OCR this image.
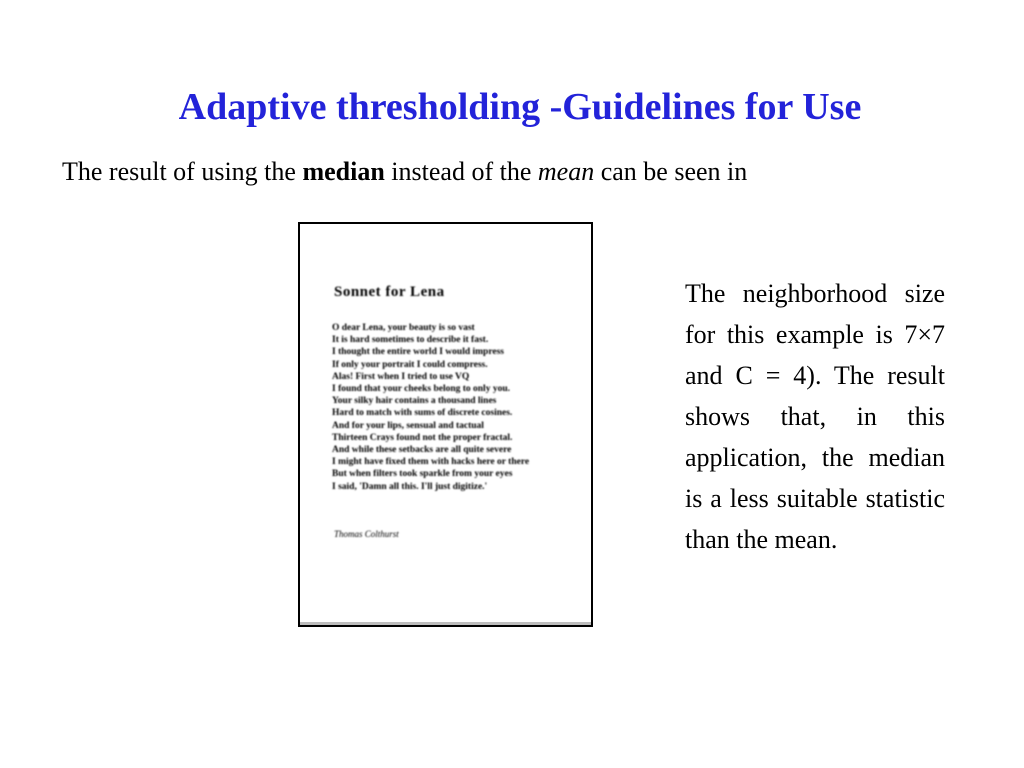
Adaptive thresholding -Guidelines for Use
The result of using the median instead of the mean can be seen in
Sonnet for Lena
O dear Lena, your beauty is so vast
It is hard sometimes to describe it fast.
I thought the entire world I would impress
If only your portrait I could compress.
Alas! First when I tried to use VQ
I found that your cheeks belong to only you.
Your silky hair contains a thousand lines
Hard to match with sums of discrete cosines.
And for your lips, sensual and tactual
Thirteen Crays found not the proper fractal.
And while these setbacks are all quite severe
I might have fixed them with hacks here or there
But when filters took sparkle from your eyes
I said, 'Damn all this. I'll just digitize.'
Thomas Colthurst
The neighborhood size for this example is 7×7 and C = 4). The result shows that, in this application, the median is a less suitable statistic than the mean.
